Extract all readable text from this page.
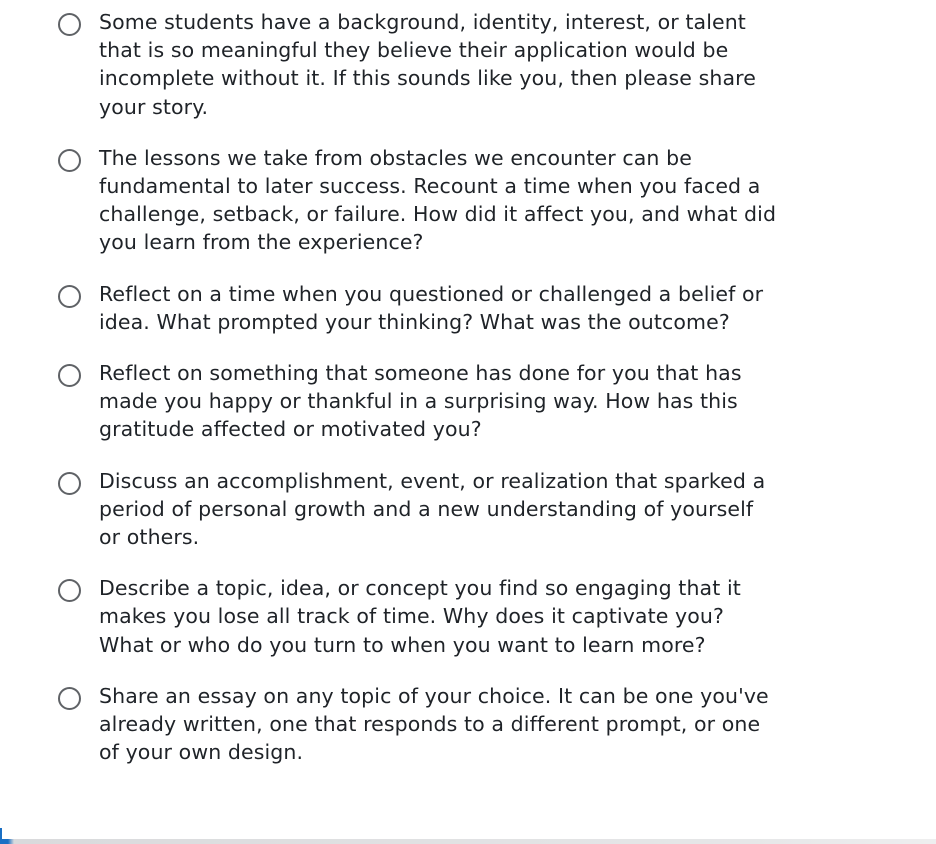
Some students have a background, identity, interest, or talent that is so meaningful they believe their application would be incomplete without it. If this sounds like you, then please share your story.
The lessons we take from obstacles we encounter can be fundamental to later success. Recount a time when you faced a challenge, setback, or failure. How did it affect you, and what did you learn from the experience?
Reflect on a time when you questioned or challenged a belief or idea. What prompted your thinking? What was the outcome?
Reflect on something that someone has done for you that has made you happy or thankful in a surprising way. How has this gratitude affected or motivated you?
Discuss an accomplishment, event, or realization that sparked a period of personal growth and a new understanding of yourself or others.
Describe a topic, idea, or concept you find so engaging that it makes you lose all track of time. Why does it captivate you? What or who do you turn to when you want to learn more?
Share an essay on any topic of your choice. It can be one you've already written, one that responds to a different prompt, or one of your own design.
